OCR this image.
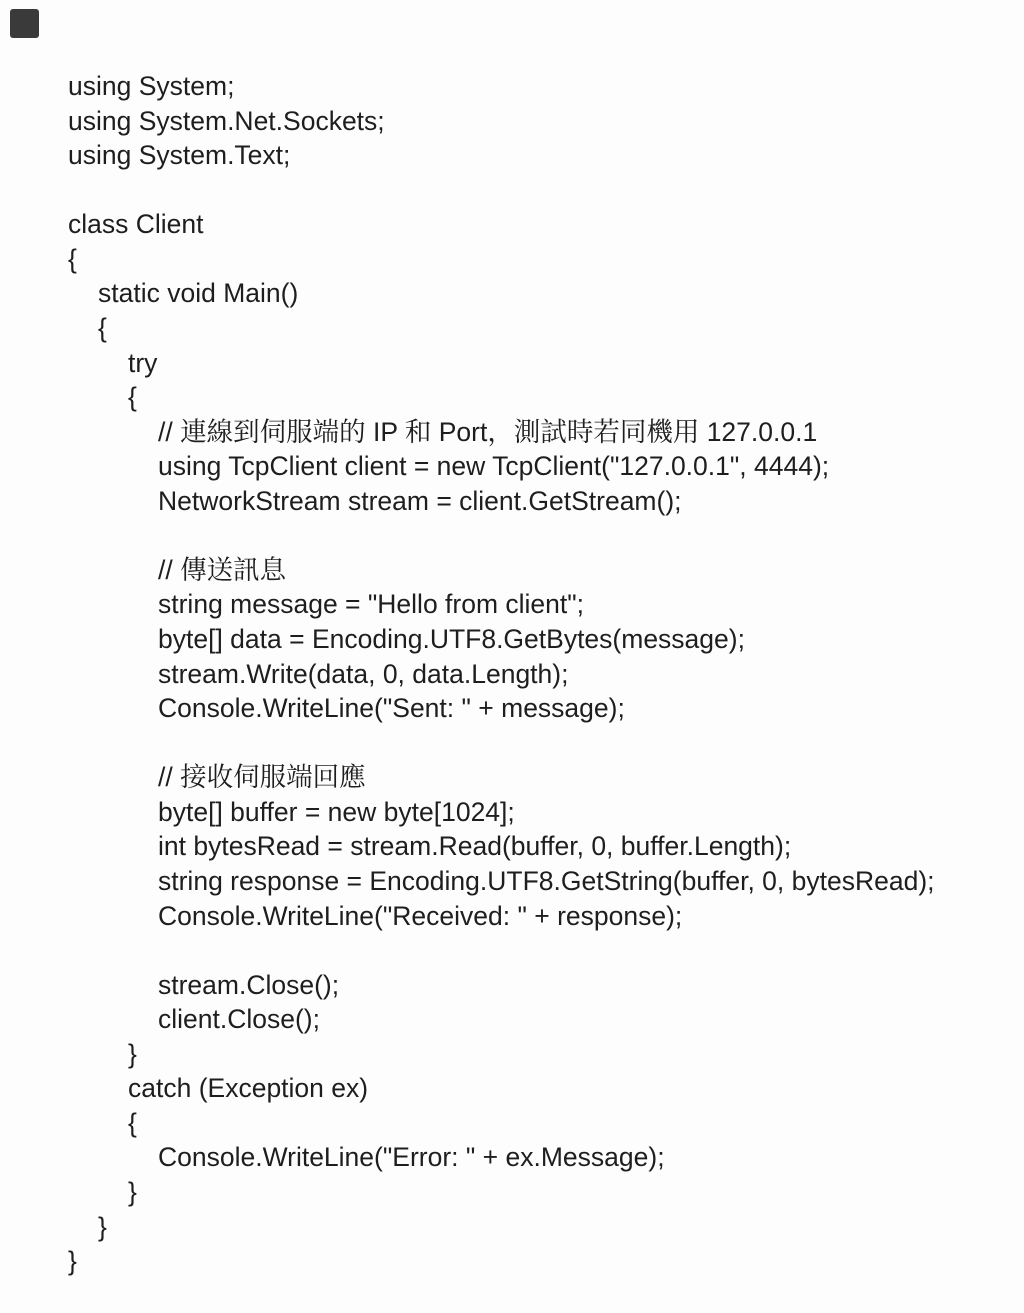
using System;
using System.Net.Sockets;
using System.Text;

class Client
{
static void Main()
{
try
{
// 連線到伺服端的 IP 和 Port，測試時若同機用 127.0.0.1
using TcpClient client = new TcpClient("127.0.0.1", 4444);
NetworkStream stream = client.GetStream();

// 傳送訊息
string message = "Hello from client";
byte[] data = Encoding.UTF8.GetBytes(message);
stream.Write(data, 0, data.Length);
Console.WriteLine("Sent: " + message);

// 接收伺服端回應
byte[] buffer = new byte[1024];
int bytesRead = stream.Read(buffer, 0, buffer.Length);
string response = Encoding.UTF8.GetString(buffer, 0, bytesRead);
Console.WriteLine("Received: " + response);

stream.Close();
client.Close();
}
catch (Exception ex)
{
Console.WriteLine("Error: " + ex.Message);
}
}
}
